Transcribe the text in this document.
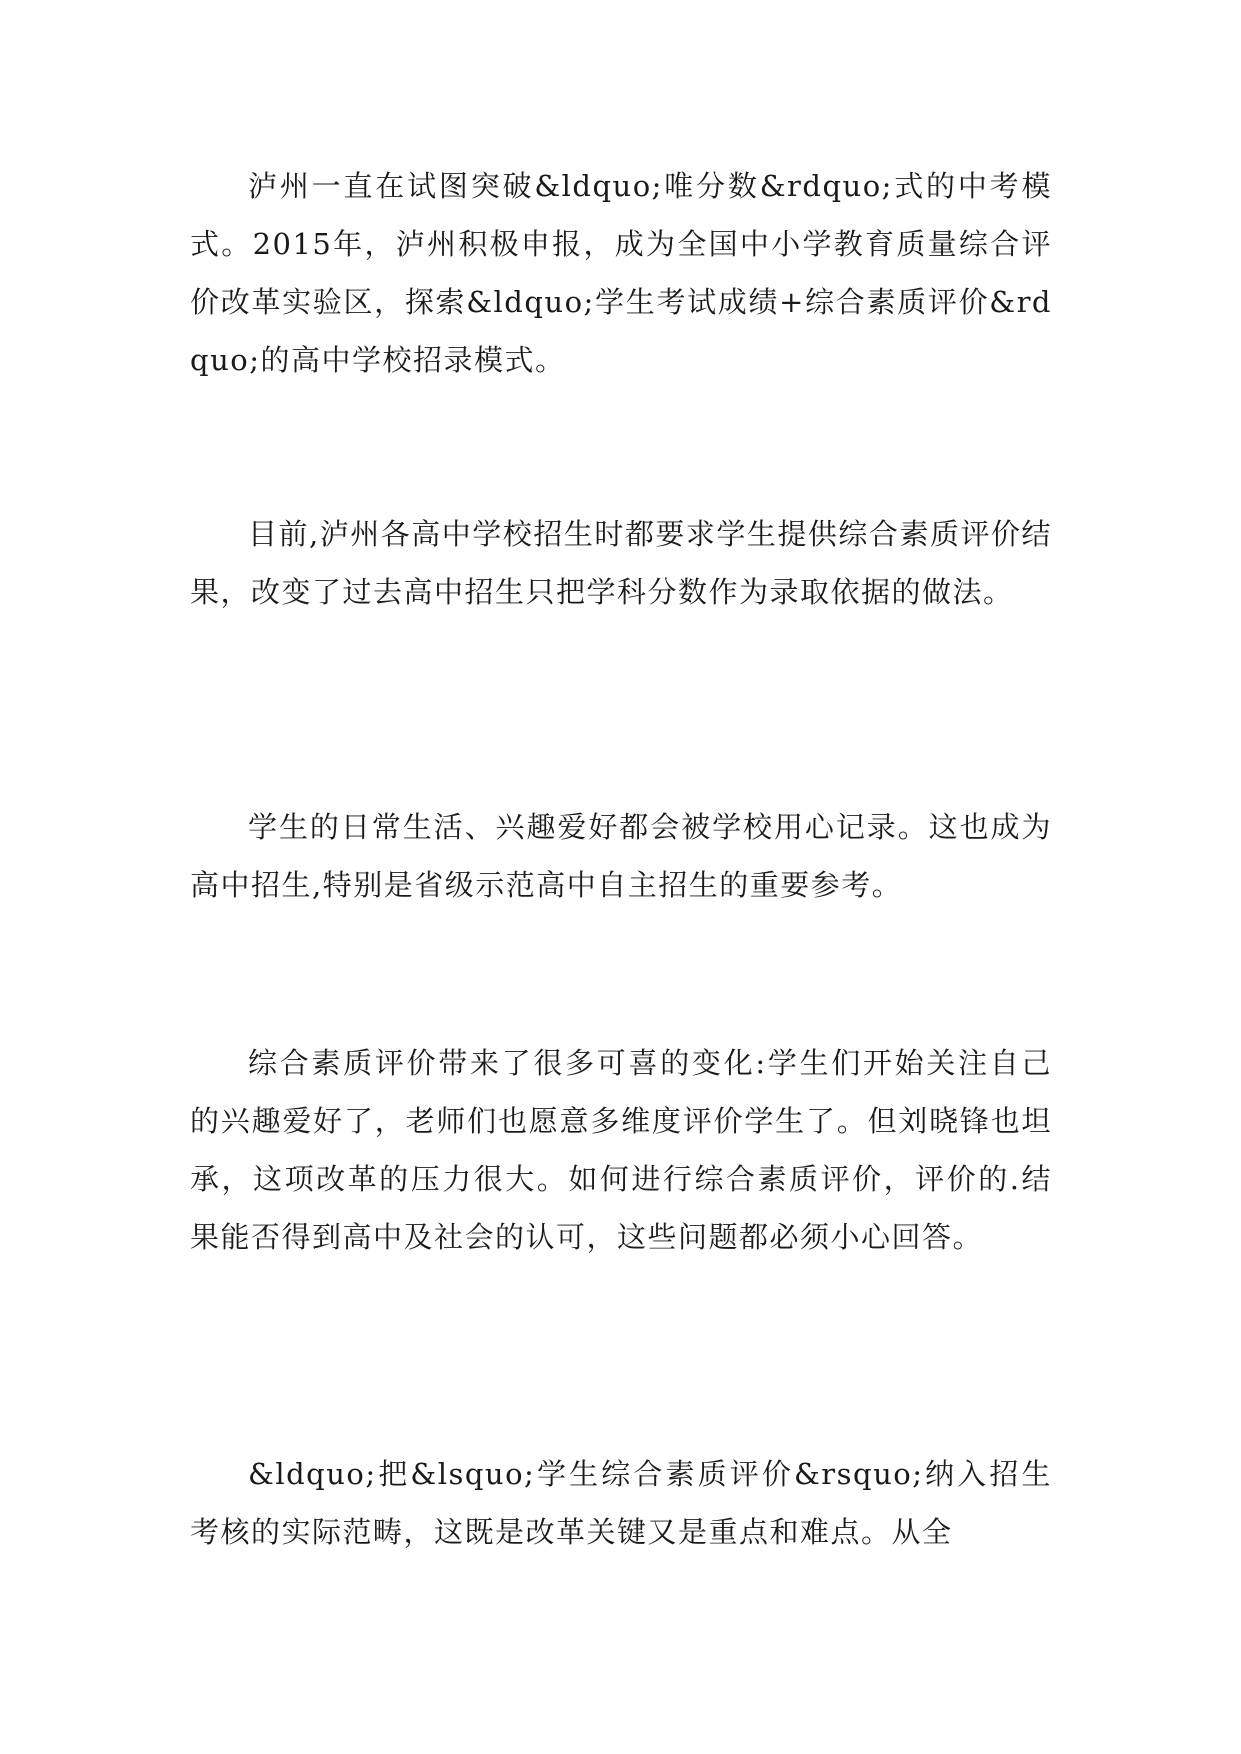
泸州一直在试图突破&ldquo;唯分数&rdquo;式的中考模式。2015年，泸州积极申报，成为全国中小学教育质量综合评价改革实验区，探索&ldquo;学生考试成绩+综合素质评价&rdquo;的高中学校招录模式。

目前,泸州各高中学校招生时都要求学生提供综合素质评价结果，改变了过去高中招生只把学科分数作为录取依据的做法。

学生的日常生活、兴趣爱好都会被学校用心记录。这也成为高中招生,特别是省级示范高中自主招生的重要参考。

综合素质评价带来了很多可喜的变化:学生们开始关注自己的兴趣爱好了，老师们也愿意多维度评价学生了。但刘晓锋也坦承，这项改革的压力很大。如何进行综合素质评价，评价的.结果能否得到高中及社会的认可，这些问题都必须小心回答。

&ldquo;把&lsquo;学生综合素质评价&rsquo;纳入招生考核的实际范畴，这既是改革关键又是重点和难点。从全
